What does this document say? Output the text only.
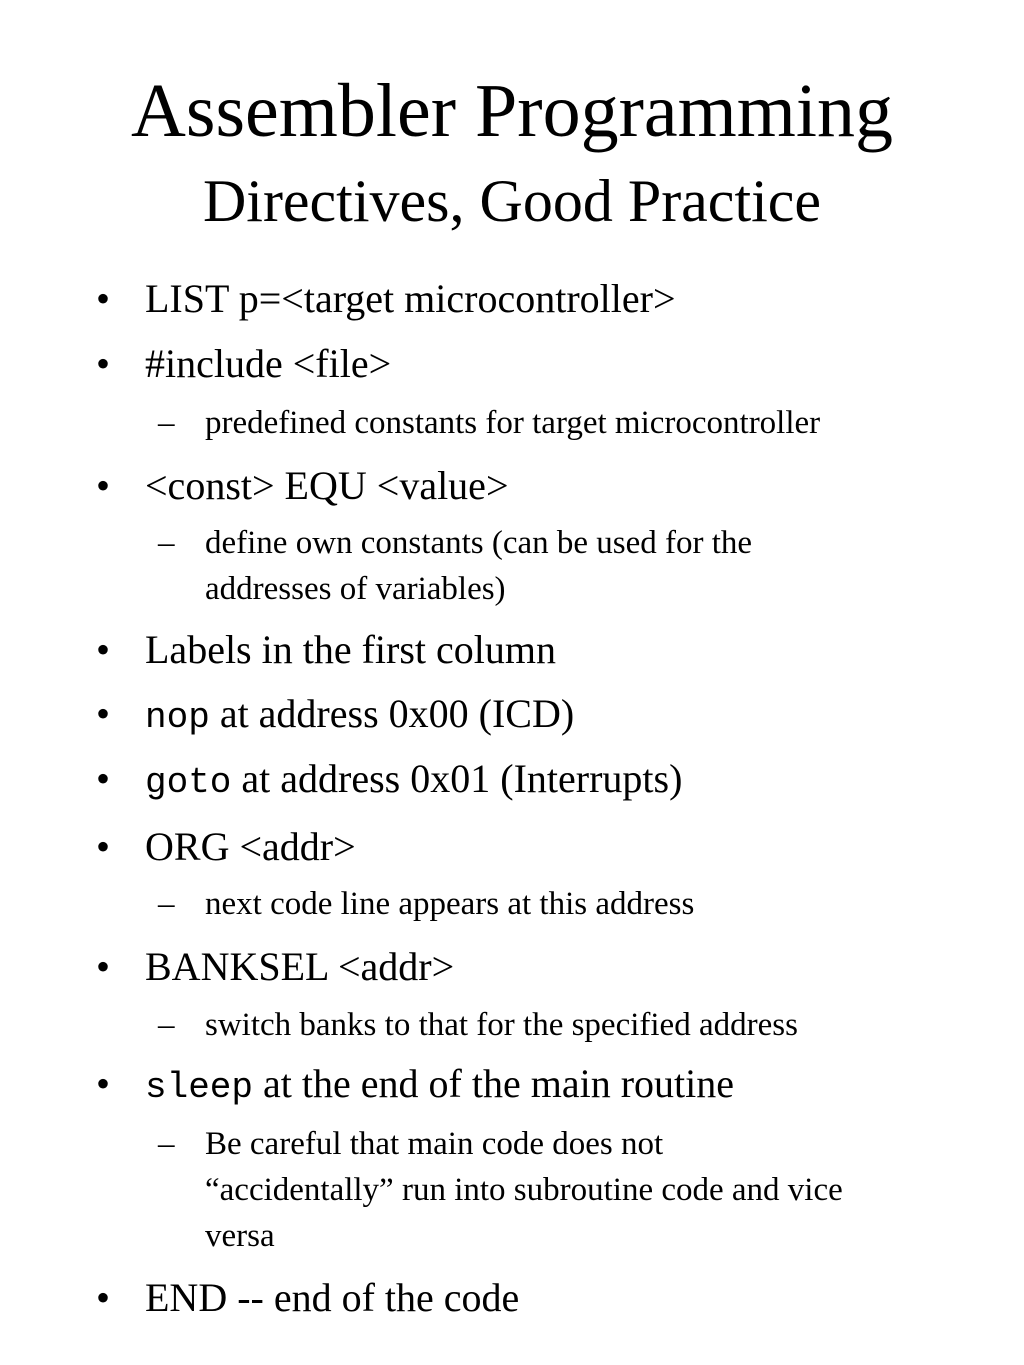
Assembler Programming
Directives, Good Practice
• LIST p=<target microcontroller>
• #include <file>
– predefined constants for target microcontroller
• <const> EQU <value>
– define own constants (can be used for the
addresses of variables)
• Labels in the first column
• nop at address 0x00 (ICD)
• goto at address 0x01 (Interrupts)
• ORG <addr>
– next code line appears at this address
• BANKSEL <addr>
– switch banks to that for the specified address
• sleep at the end of the main routine
– Be careful that main code does not
“accidentally” run into subroutine code and vice
versa
• END -- end of the code
